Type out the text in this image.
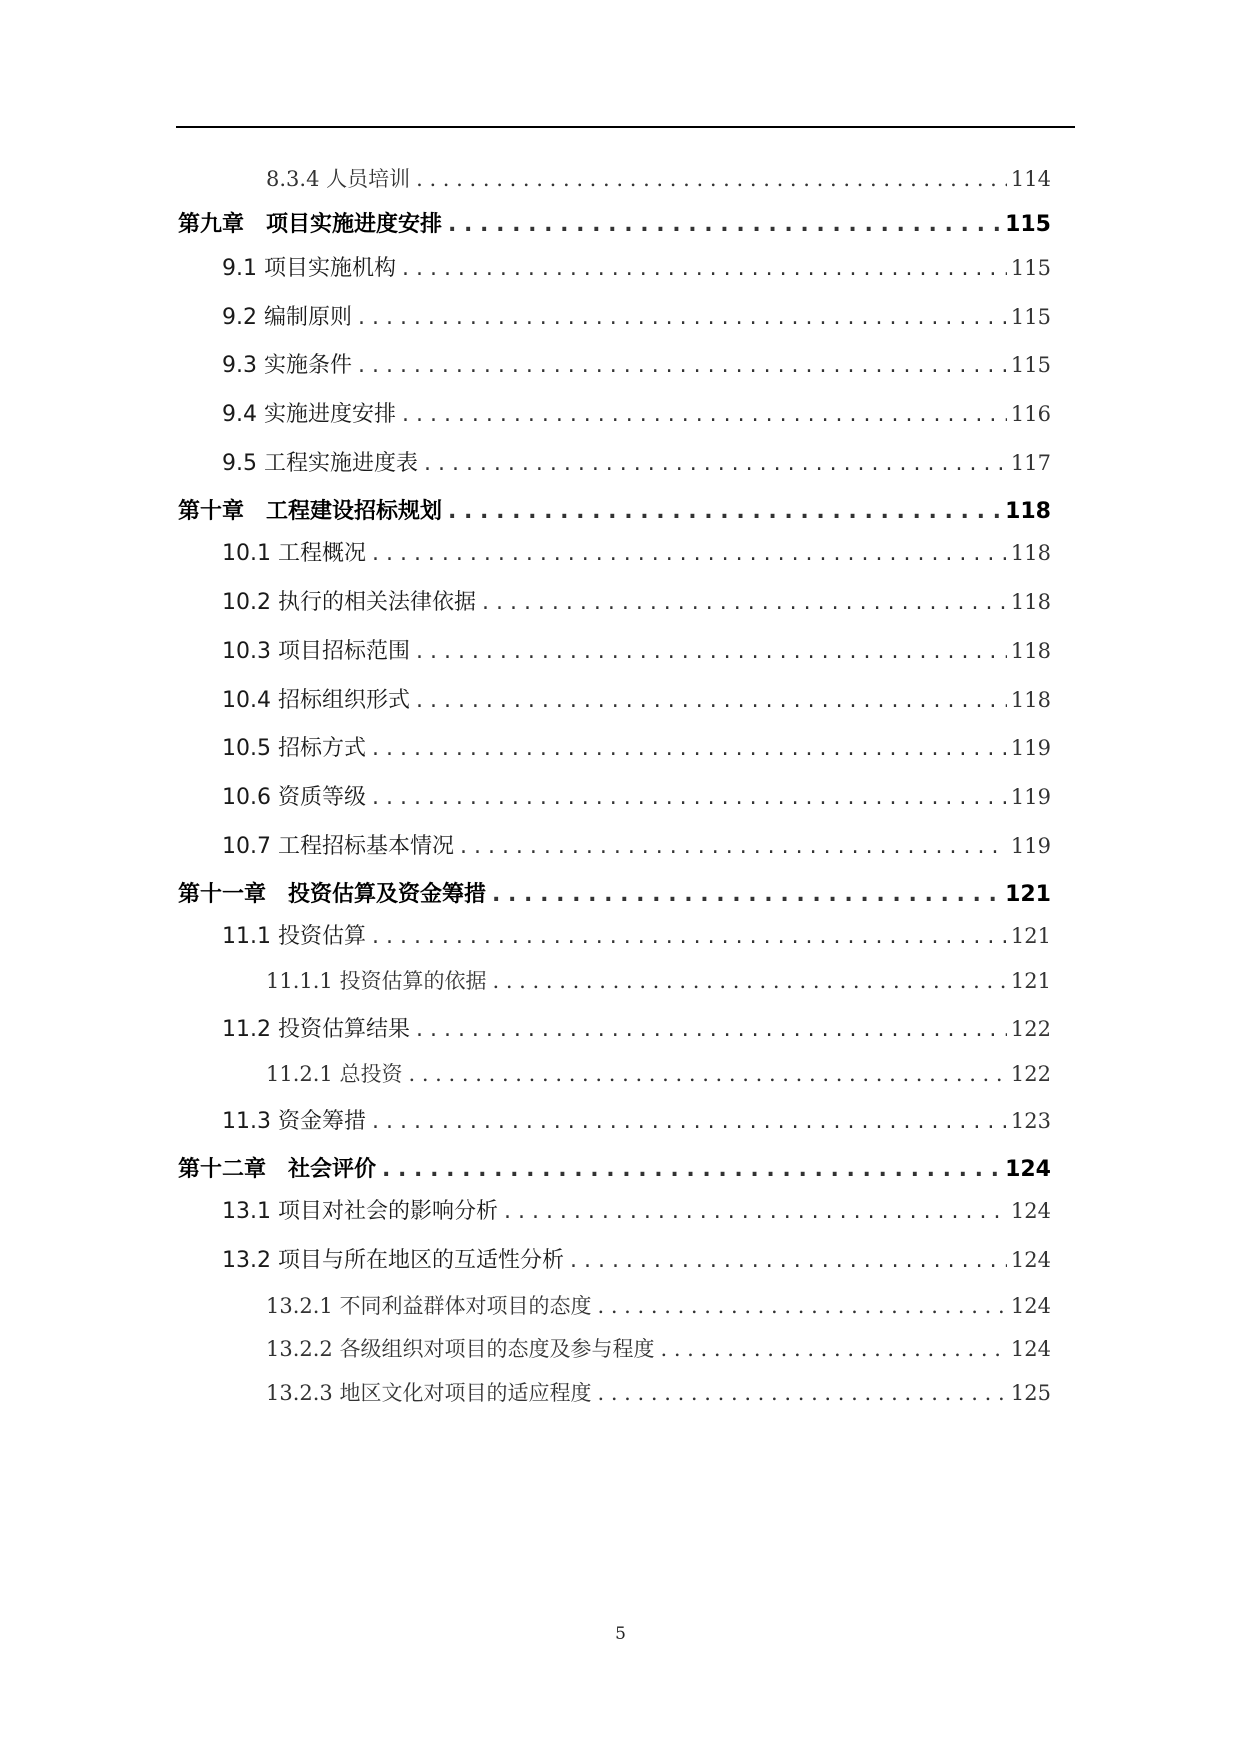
8.3.4 人员培训 . . .	114
第九章　项目实施进度安排 . . .	115
9.1 项目实施机构 . . .	115
9.2 编制原则 . . .	115
9.3 实施条件 . . .	115
9.4 实施进度安排 . . .	116
9.5 工程实施进度表 . . .	117
第十章　工程建设招标规划 . . .	118
10.1 工程概况 . . .	118
10.2 执行的相关法律依据 . . .	118
10.3 项目招标范围 . . .	118
10.4 招标组织形式 . . .	118
10.5 招标方式 . . .	119
10.6 资质等级 . . .	119
10.7 工程招标基本情况 . . .	119
第十一章　投资估算及资金筹措 . . .	121
11.1 投资估算 . . .	121
11.1.1 投资估算的依据 . . .	121
11.2 投资估算结果 . . .	122
11.2.1 总投资 . . .	122
11.3 资金筹措 . . .	123
第十二章　社会评价 . . .	124
13.1 项目对社会的影响分析 . . .	124
13.2 项目与所在地区的互适性分析 . . .	124
13.2.1 不同利益群体对项目的态度 . . .	124
13.2.2 各级组织对项目的态度及参与程度 . . .	124
13.2.3 地区文化对项目的适应程度 . . .	125
5
